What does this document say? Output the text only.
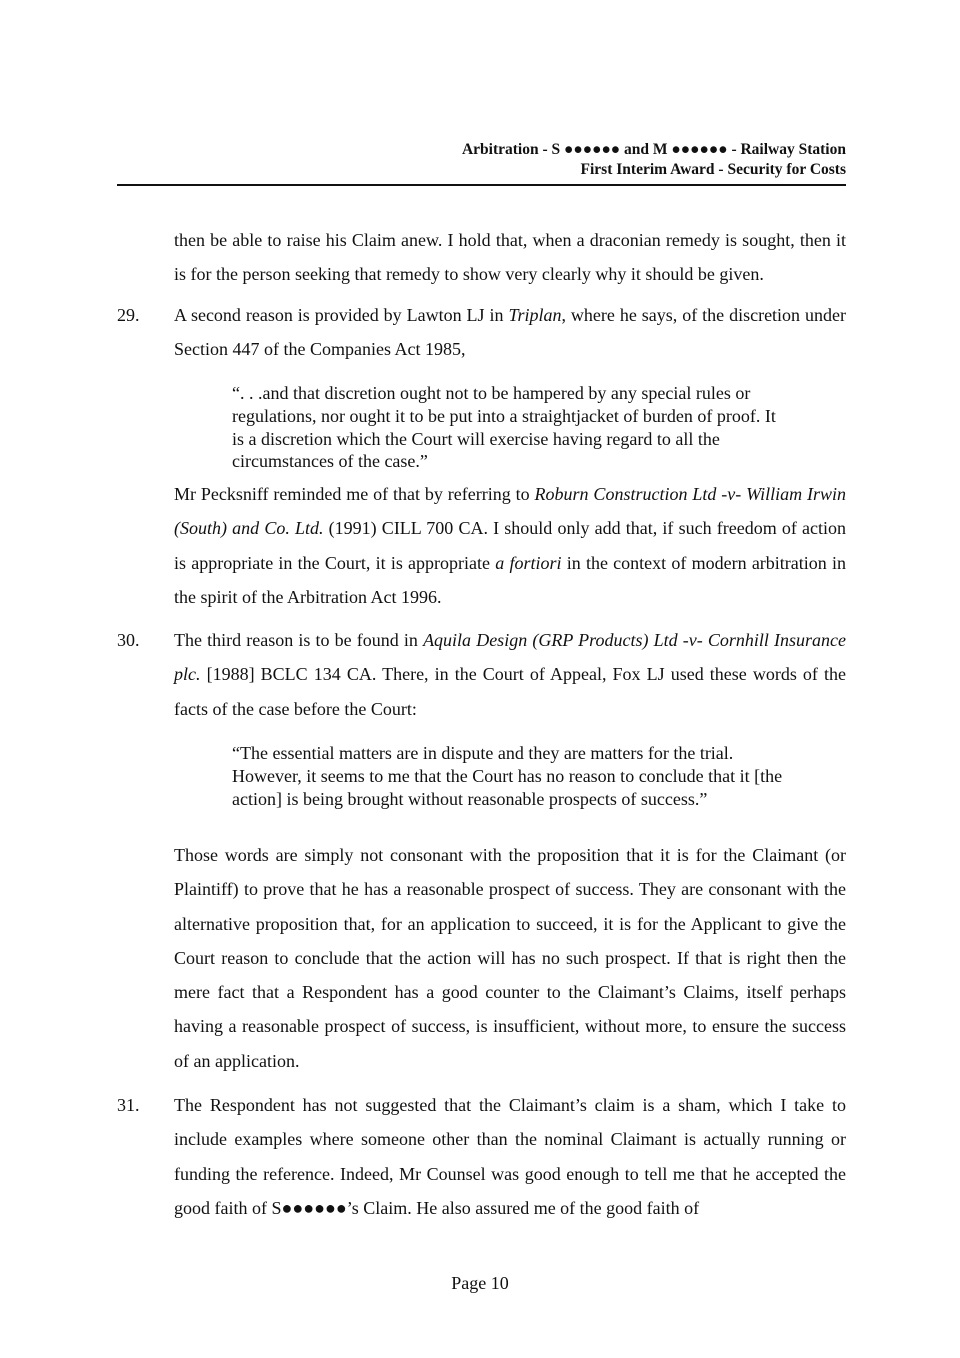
Arbitration - S ●●●●●● and M ●●●●●● - Railway Station
First Interim Award - Security for Costs

then be able to raise his Claim anew. I hold that, when a draconian remedy is sought, then it is for the person seeking that remedy to show very clearly why it should be given.

29. A second reason is provided by Lawton LJ in Triplan, where he says, of the discretion under Section 447 of the Companies Act 1985,

“. . .and that discretion ought not to be hampered by any special rules or regulations, nor ought it to be put into a straightjacket of burden of proof. It is a discretion which the Court will exercise having regard to all the circumstances of the case.”

Mr Pecksniff reminded me of that by referring to Roburn Construction Ltd -v- William Irwin (South) and Co. Ltd. (1991) CILL 700 CA. I should only add that, if such freedom of action is appropriate in the Court, it is appropriate a fortiori in the context of modern arbitration in the spirit of the Arbitration Act 1996.

30. The third reason is to be found in Aquila Design (GRP Products) Ltd -v- Cornhill Insurance plc. [1988] BCLC 134 CA. There, in the Court of Appeal, Fox LJ used these words of the facts of the case before the Court:

“The essential matters are in dispute and they are matters for the trial. However, it seems to me that the Court has no reason to conclude that it [the action] is being brought without reasonable prospects of success.”

Those words are simply not consonant with the proposition that it is for the Claimant (or Plaintiff) to prove that he has a reasonable prospect of success. They are consonant with the alternative proposition that, for an application to succeed, it is for the Applicant to give the Court reason to conclude that the action will has no such prospect. If that is right then the mere fact that a Respondent has a good counter to the Claimant’s Claims, itself perhaps having a reasonable prospect of success, is insufficient, without more, to ensure the success of an application.

31. The Respondent has not suggested that the Claimant’s claim is a sham, which I take to include examples where someone other than the nominal Claimant is actually running or funding the reference. Indeed, Mr Counsel was good enough to tell me that he accepted the good faith of S●●●●●●’s Claim. He also assured me of the good faith of

Page 10
